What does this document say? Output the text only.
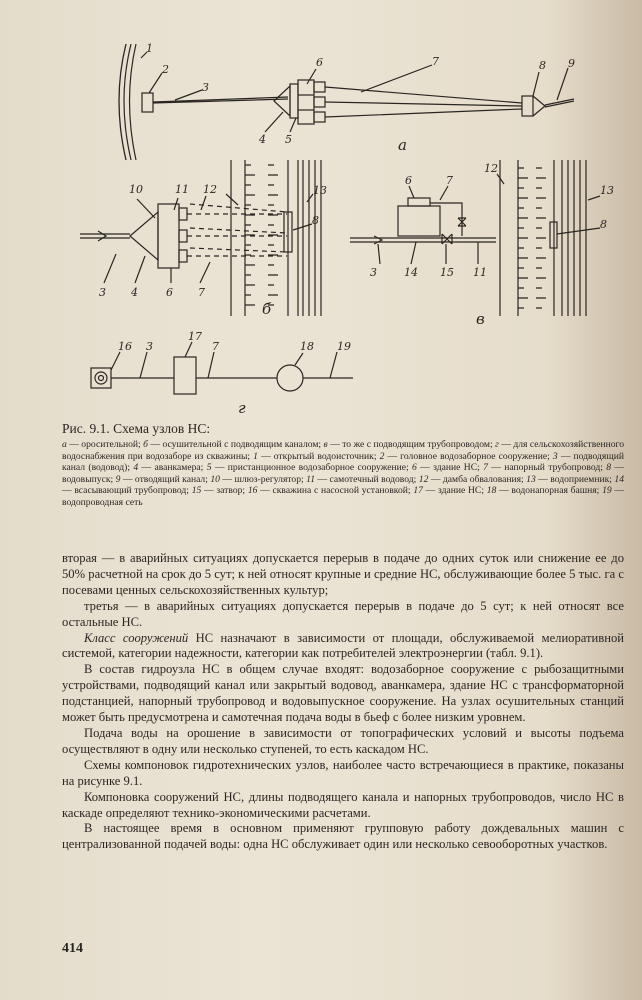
1
2
3
4 5
6	7	8 9
а
10	11 12	13
8
3 4	6 7
б
6	7
12
13
8
3 14 15 11
в
16 3
17
7	18 19
г
Рис. 9.1. Схема узлов НС:
а — оросительной; б — осушительной с подводящим каналом; в — то же с подводящим трубопроводом; г — для сельскохозяйственного водоснабжения при водозаборе из скважины; 1 — открытый водоисточник; 2 — головное водозаборное сооружение; 3 — подводящий канал (водовод); 4 — аванкамера; 5 — пристанционное водозаборное сооружение; 6 — здание НС; 7 — напорный трубопровод; 8 — водовыпуск; 9 — отводящий канал; 10 — шлюз-регулятор; 11 — самотечный водовод; 12 — дамба обвалования; 13 — водоприемник; 14 — всасывающий трубопровод; 15 — затвор; 16 — скважина с насосной установкой; 17 — здание НС; 18 — водонапорная башня; 19 — водопроводная сеть

вторая — в аварийных ситуациях допускается перерыв в подаче до одних суток или снижение ее до 50% расчетной на срок до 5 сут; к ней относят крупные и средние НС, обслуживающие более 5 тыс. га с посевами ценных сельскохозяйственных культур;

третья — в аварийных ситуациях допускается перерыв в подаче до 5 сут; к ней относят все остальные НС.

Класс сооружений НС назначают в зависимости от площади, обслуживаемой мелиоративной системой, категории надежности, категории как потребителей электроэнергии (табл. 9.1).

В состав гидроузла НС в общем случае входят: водозаборное сооружение с рыбозащитными устройствами, подводящий канал или закрытый водовод, аванкамера, здание НС с трансформаторной подстанцией, напорный трубопровод и водовыпускное сооружение. На узлах осушительных станций может быть предусмотрена и самотечная подача воды в бьеф с более низким уровнем.

Подача воды на орошение в зависимости от топографических условий и высоты подъема осуществляют в одну или несколько ступеней, то есть каскадом НС.

Схемы компоновок гидротехнических узлов, наиболее часто встречающиеся в практике, показаны на рисунке 9.1.

Компоновка сооружений НС, длины подводящего канала и напорных трубопроводов, число НС в каскаде определяют технико-экономическими расчетами.

В настоящее время в основном применяют групповую работу дождевальных машин с централизованной подачей воды: одна НС обслуживает один или несколько севооборотных участков.

414
